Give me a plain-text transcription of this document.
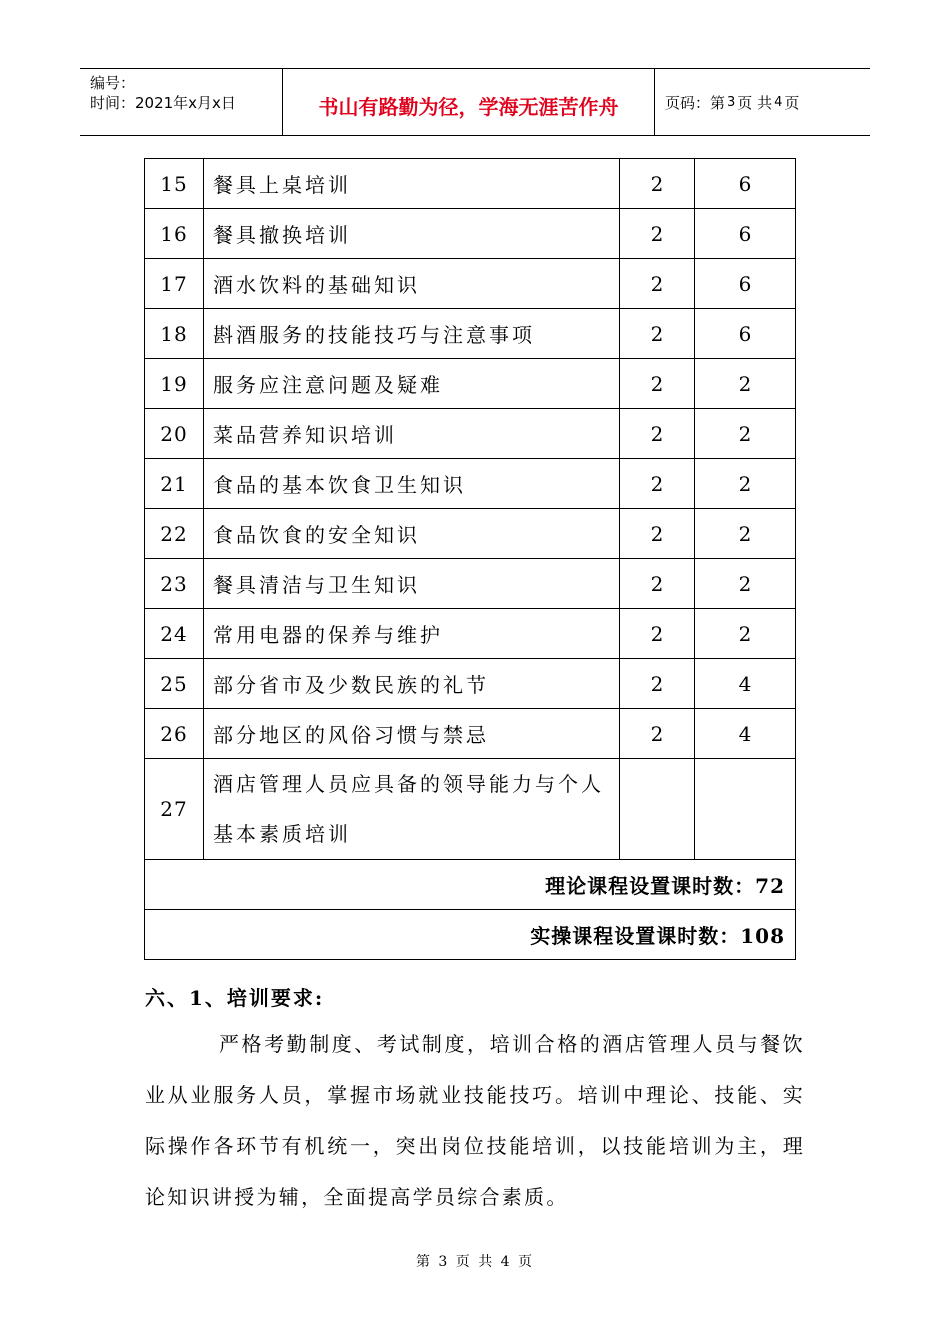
编号：
时间：2021年x月x日	书山有路勤为径，学海无涯苦作舟	页码：第 3 页 共 4 页
15	餐具上桌培训	2	6
16	餐具撤换培训	2	6
17	酒水饮料的基础知识	2	6
18	斟酒服务的技能技巧与注意事项	2	6
19	服务应注意问题及疑难	2	2
20	菜品营养知识培训	2	2
21	食品的基本饮食卫生知识	2	2
22	食品饮食的安全知识	2	2
23	餐具清洁与卫生知识	2	2
24	常用电器的保养与维护	2	2
25	部分省市及少数民族的礼节	2	4
26	部分地区的风俗习惯与禁忌	2	4
27	酒店管理人员应具备的领导能力与个人
基本素质培训		

理论课程设置课时数：72			
实操课程设置课时数：108			
六、1、培训要求:
严格考勤制度、考试制度，培训合格的酒店管理人员与餐饮业从业服务人员，掌握市场就业技能技巧。培训中理论、技能、实际操作各环节有机统一，突出岗位技能培训，以技能培训为主，理论知识讲授为辅，全面提高学员综合素质。
第 3 页 共 4 页
